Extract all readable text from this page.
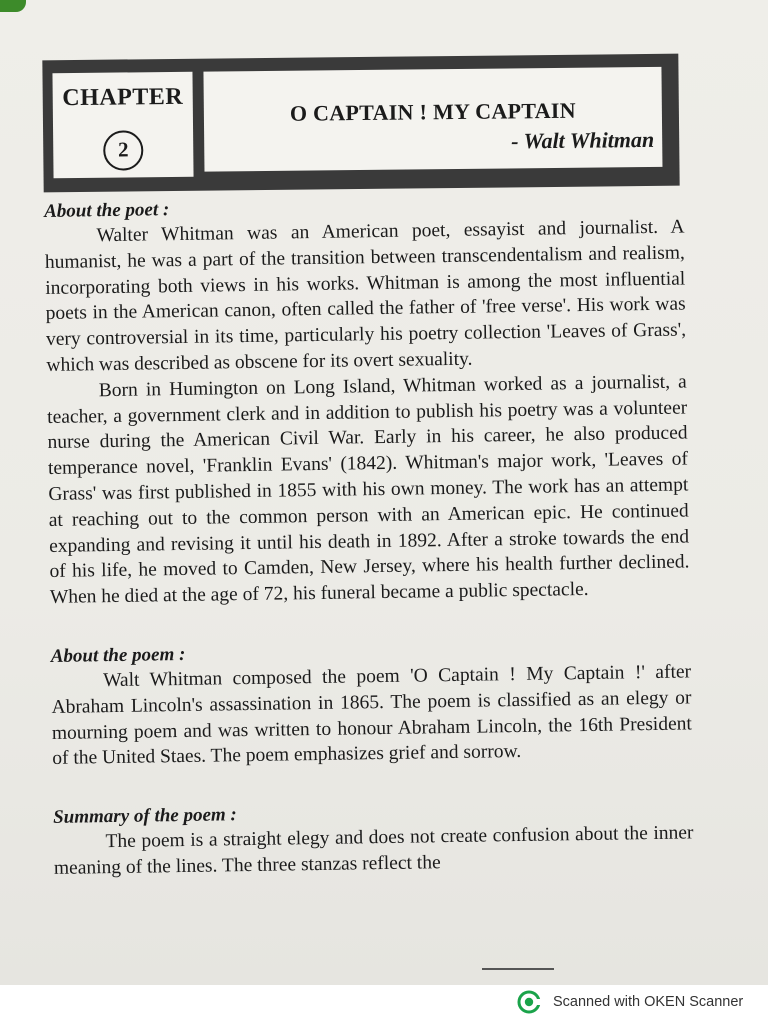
CHAPTER
2
O CAPTAIN ! MY CAPTAIN
- Walt Whitman
About the poet :

Walter Whitman was an American poet, essayist and journalist. A humanist, he was a part of the transition between transcendentalism and realism, incorporating both views in his works. Whitman is among the most influential poets in the American canon, often called the father of 'free verse'. His work was very controversial in its time, particularly his poetry collection 'Leaves of Grass', which was described as obscene for its overt sexuality.

Born in Humington on Long Island, Whitman worked as a journalist, a teacher, a government clerk and in addition to publish his poetry was a volunteer nurse during the American Civil War. Early in his career, he also produced temperance novel, 'Franklin Evans' (1842). Whitman's major work, 'Leaves of Grass' was first published in 1855 with his own money. The work has an attempt at reaching out to the common person with an American epic. He continued expanding and revising it until his death in 1892. After a stroke towards the end of his life, he moved to Camden, New Jersey, where his health further declined. When he died at the age of 72, his funeral became a public spectacle.

About the poem :

Walt Whitman composed the poem 'O Captain ! My Captain !' after Abraham Lincoln's assassination in 1865. The poem is classified as an elegy or mourning poem and was written to honour Abraham Lincoln, the 16th President of the United Staes. The poem emphasizes grief and sorrow.

Summary of the poem :

The poem is a straight elegy and does not create confusion about the inner meaning of the lines. The three stanzas reflect the

Scanned with OKEN Scanner
